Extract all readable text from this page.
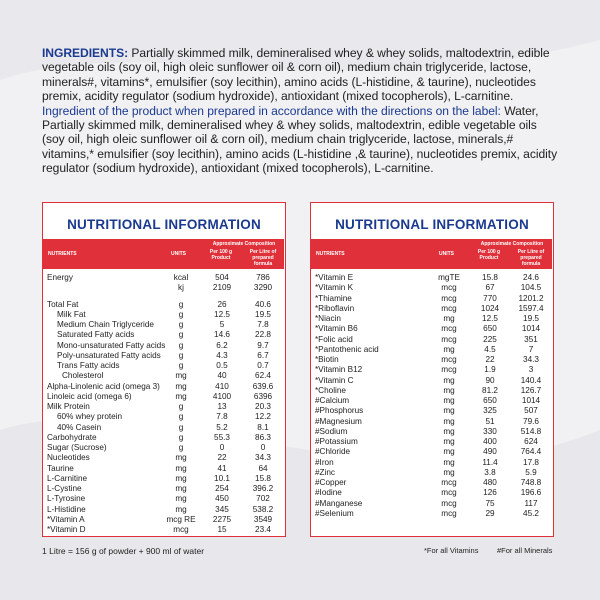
INGREDIENTS: Partially skimmed milk, demineralised whey & whey solids, maltodextrin, edible vegetable oils (soy oil, high oleic sunflower oil & corn oil), medium chain triglyceride, lactose, minerals#, vitamins*, emulsifier (soy lecithin), amino acids (L-histidine, & taurine), nucleotides premix, acidity regulator (sodium hydroxide), antioxidant (mixed tocopherols), L-carnitine.
Ingredient of the product when prepared in accordance with the directions on the label: Water, Partially skimmed milk, demineralised whey & whey solids, maltodextrin, edible vegetable oils (soy oil, high oleic sunflower oil & corn oil), medium chain triglyceride, lactose, minerals,# vitamins,* emulsifier (soy lecithin), amino acids (L-histidine ,& taurine), nucleotides premix, acidity regulator (sodium hydroxide), antioxidant (mixed tocopherols), L-carnitine.
NUTRITIONAL INFORMATION
NUTRIENTS	UNITS
Approximate Composition
Per 100 g Product
Per Litre of prepared formula
Energy	kcal	504	786
kj	2109	3290
Total Fat	g	26	40.6
Milk Fat	g	12.5	19.5
Medium Chain Triglyceride	g	5	7.8
Saturated Fatty acids	g	14.6	22.8
Mono-unsaturated Fatty acids	g	6.2	9.7
Poly-unsaturated Fatty acids	g	4.3	6.7
Trans Fatty acids	g	0.5	0.7
Cholesterol	mg	40	62.4
Alpha-Linolenic acid (omega 3)	mg	410	639.6
Linoleic acid (omega 6)	mg	4100	6396
Milk Protein	g	13	20.3
60% whey protein	g	7.8	12.2
40% Casein	g	5.2	8.1
Carbohydrate	g	55.3	86.3
Sugar (Sucrose)	g	0	0
Nucleotides	mg	22	34.3
Taurine	mg	41	64
L-Carnitine	mg	10.1	15.8
L-Cystine	mg	254	396.2
L-Tyrosine	mg	450	702
L-Histidine	mg	345	538.2
*Vitamin A	mcg RE	2275	3549
*Vitamin D	mcg	15	23.4
NUTRITIONAL INFORMATION
NUTRIENTS	UNITS
Approximate Composition
Per 100 g Product
Per Litre of prepared formula
*Vitamin E	mgTE	15.8	24.6
*Vitamin K	mcg	67	104.5
*Thiamine	mcg	770	1201.2
*Riboflavin	mcg	1024	1597.4
*Niacin	mg	12.5	19.5
*Vitamin B6	mcg	650	1014
*Folic acid	mcg	225	351
*Pantothenic acid	mg	4.5	7
*Biotin	mcg	22	34.3
*Vitamin B12	mcg	1.9	3
*Vitamin C	mg	90	140.4
*Choline	mg	81.2	126.7
#Calcium	mg	650	1014
#Phosphorus	mg	325	507
#Magnesium	mg	51	79.6
#Sodium	mg	330	514.8
#Potassium	mg	400	624
#Chloride	mg	490	764.4
#Iron	mg	11.4	17.8
#Zinc	mg	3.8	5.9
#Copper	mcg	480	748.8
#Iodine	mcg	126	196.6
#Manganese	mcg	75	117
#Selenium	mcg	29	45.2
1 Litre = 156 g of powder + 900 ml of water	*For all Vitamins #For all Minerals
